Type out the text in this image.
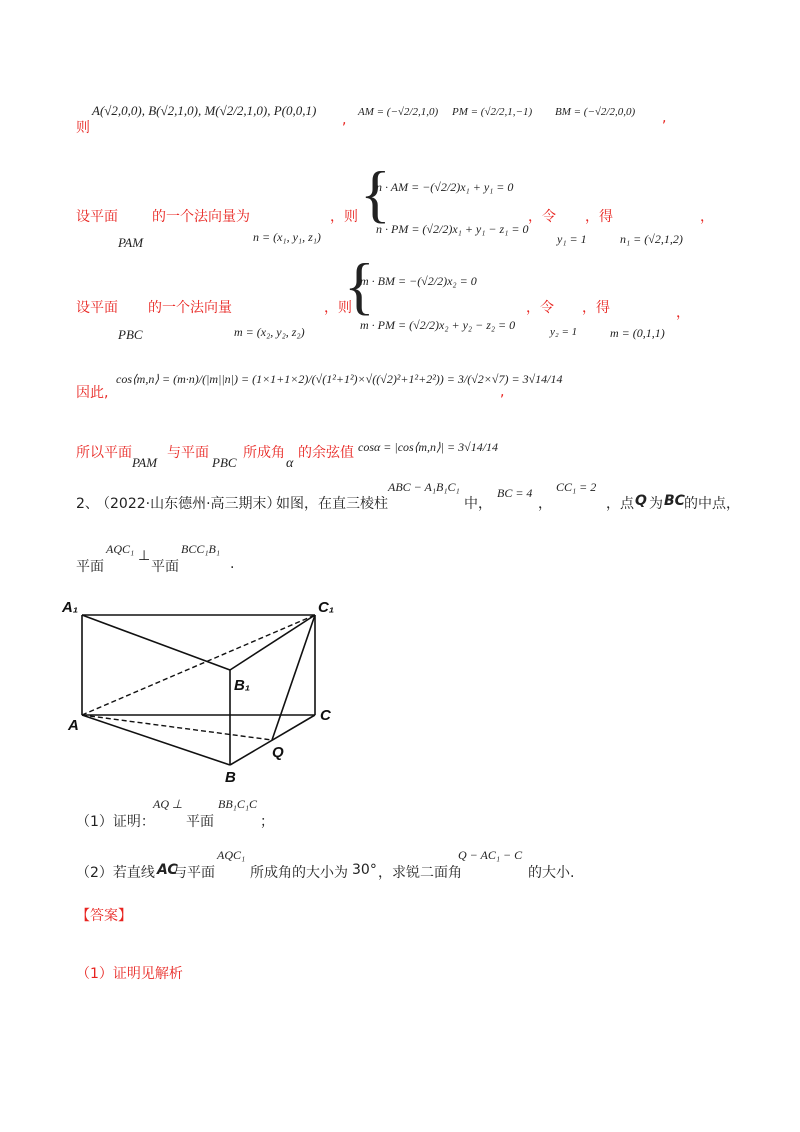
则
A(√2,0,0), B(√2,1,0), M(√2/2,1,0), P(0,0,1)
, AM = (−√2/2,1,0) PM = (√2/2,1,−1) BM = (−√2/2,0,0) ,
设平面
PAM
的一个法向量为
n = (x₁, y₁, z₁)
，则 {
n · AM = −(√2/2)x₁ + y₁ = 0
n · PM = (√2/2)x₁ + y₁ − z₁ = 0
，令
y₁ = 1
，得
n₁ = (√2,1,2)
，
设平面
PBC
的一个法向量
m = (x₂, y₂, z₂)
，则
{
m · BM = −(√2/2)x₂ = 0
m · PM = (√2/2)x₂ + y₂ − z₂ = 0
，令
y₂ = 1
，得
m = (0,1,1)
，
因此,
cos⟨m,n⟩ = (m·n)/(|m||n|) = (1×1+1×2)/(√(1²+1²)×√((√2)²+1²+2²)) = 3/(√2×√7) = 3√14/14
,
所以平面
PAM
与平面
PBC
所成角
α
的余弦值 cosα = |cos⟨m,n⟩| = 3√14/14
2、
（2022·山东德州·高三期末）
如图，在直三棱柱
ABC − A₁B₁C₁
中，
BC = 4
，
CC₁ = 2
，点 Q 为 BC 的中点，
平面
AQC₁ ⊥
平面
BCC₁B₁
.
A₁	C₁
B₁
A
C
Q
B
（1）证明：
AQ ⊥
平面
BB₁C₁C
；
（2）若直线 AC
与平面
AQC₁
所成角的大小为 30° ，求锐二面角
Q − AC₁ − C
的大小.
【答案】
（1）证明见解析
